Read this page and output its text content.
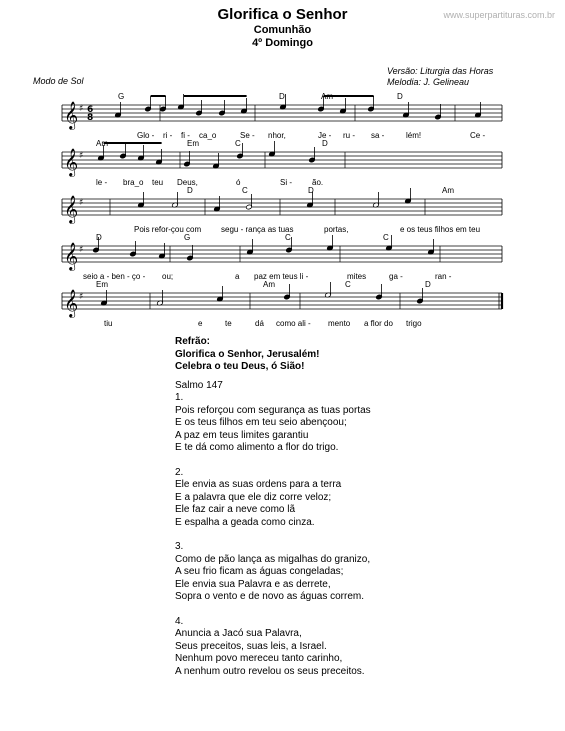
Glorifica o Senhor
Comunhão
4º Domingo
www.superpartituras.com.br
Modo de Sol
Versão: Liturgia das Horas
Melodia: J. Gelineau
𝄞 ♯ 6
8
𝄞 ♯
𝄞 ♯
𝄞 ♯
𝄞 ♯
G	D	Am	D
Am	Em	C	D
D	C	D	Am
D	G	C	C
Em	Am	C	D
Glo - ri - fi - ca_o	Se - nhor,	Je - ru - sa -	lém!	Ce -
le - bra_o teu Deus,	ó	Si -	ão.
Pois refor-çou com segu - rança as tuas	portas,	e os teus filhos em teu
seio a - ben - ço - ou;	a paz em teus li -	mites	ga -	ran -
tiu	e	te	dá como ali - mento a flor do trigo
Refrão:
Glorifica o Senhor, Jerusalém!
Celebra o teu Deus, ó Sião!
Salmo 147
1.
Pois reforçou com segurança as tuas portas
E os teus filhos em teu seio abençoou;
A paz em teus limites garantiu
E te dá como alimento a flor do trigo.
2.
Ele envia as suas ordens para a terra
E a palavra que ele diz corre veloz;
Ele faz cair a neve como lã
E espalha a geada como cinza.
3.
Como de pão lança as migalhas do granizo,
A seu frio ficam as águas congeladas;
Ele envia sua Palavra e as derrete,
Sopra o vento e de novo as águas correm.
4.
Anuncia a Jacó sua Palavra,
Seus preceitos, suas leis, a Israel.
Nenhum povo mereceu tanto carinho,
A nenhum outro revelou os seus preceitos.
